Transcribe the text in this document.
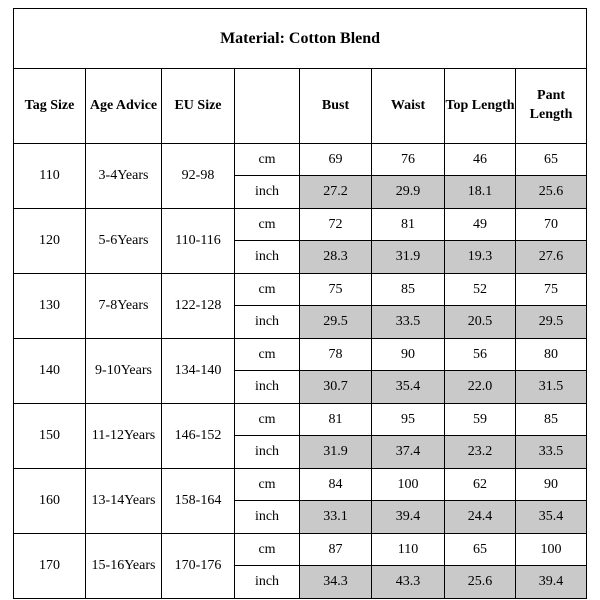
Material: Cotton Blend							
Tag Size	Age Advice	EU Size		Bust	Waist	Top Length	Pant Length
110	3-4Years	92-98	cm	69	76	46	65
			inch	27.2	29.9	18.1	25.6
120	5-6Years	110-116	cm	72	81	49	70
			inch	28.3	31.9	19.3	27.6
130	7-8Years	122-128	cm	75	85	52	75
			inch	29.5	33.5	20.5	29.5
140	9-10Years	134-140	cm	78	90	56	80
			inch	30.7	35.4	22.0	31.5
150	11-12Years	146-152	cm	81	95	59	85
			inch	31.9	37.4	23.2	33.5
160	13-14Years	158-164	cm	84	100	62	90
			inch	33.1	39.4	24.4	35.4
170	15-16Years	170-176	cm	87	110	65	100
			inch	34.3	43.3	25.6	39.4
